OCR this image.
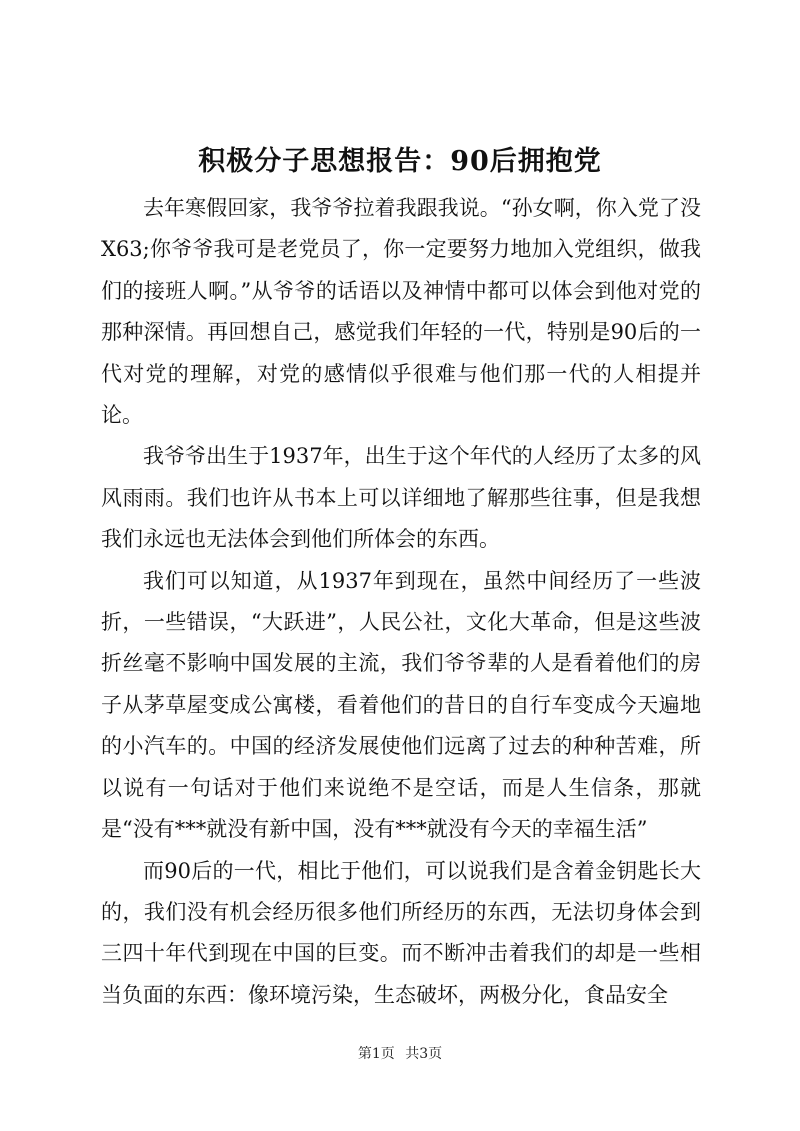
积极分子思想报告：90后拥抱党

去年寒假回家，我爷爷拉着我跟我说。“孙女啊，你入党了没X63;你爷爷我可是老党员了，你一定要努力地加入党组织，做我们的接班人啊。”从爷爷的话语以及神情中都可以体会到他对党的那种深情。再回想自己，感觉我们年轻的一代，特别是90后的一代对党的理解，对党的感情似乎很难与他们那一代的人相提并论。

我爷爷出生于1937年，出生于这个年代的人经历了太多的风风雨雨。我们也许从书本上可以详细地了解那些往事，但是我想我们永远也无法体会到他们所体会的东西。

我们可以知道，从1937年到现在，虽然中间经历了一些波折，一些错误，“大跃进”，人民公社，文化大革命，但是这些波折丝毫不影响中国发展的主流，我们爷爷辈的人是看着他们的房子从茅草屋变成公寓楼，看着他们的昔日的自行车变成今天遍地的小汽车的。中国的经济发展使他们远离了过去的种种苦难，所以说有一句话对于他们来说绝不是空话，而是人生信条，那就是“没有***就没有新中国，没有***就没有今天的幸福生活”

而90后的一代，相比于他们，可以说我们是含着金钥匙长大的，我们没有机会经历很多他们所经历的东西，无法切身体会到三四十年代到现在中国的巨变。而不断冲击着我们的却是一些相当负面的东西：像环境污染，生态破坏，两极分化，食品安全

第1页 共3页
